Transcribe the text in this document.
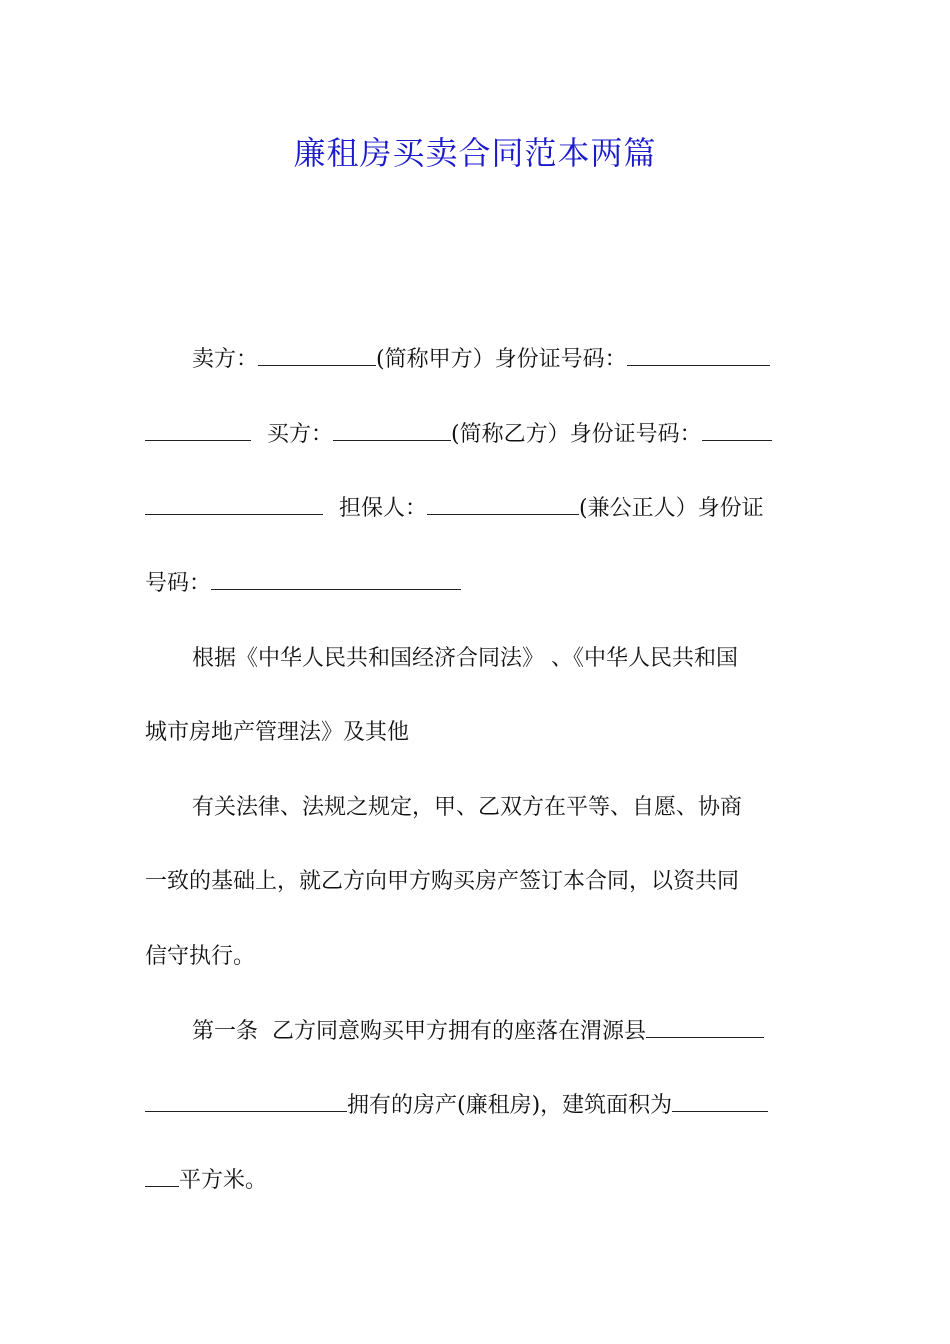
廉租房买卖合同范本两篇
卖方：	(简称甲方）身份证号码：
买方：	(简称乙方）身份证号码：
担保人：	(兼公正人）身份证
号码：
根据《中华人民共和国经济合同法》 、《中华人民共和国
城市房地产管理法》及其他
有关法律、法规之规定，甲、乙双方在平等、自愿、协商
一致的基础上，就乙方向甲方购买房产签订本合同，以资共同
信守执行。
第一条  乙方同意购买甲方拥有的座落在渭源县
拥有的房产(廉租房)，建筑面积为
平方米。
